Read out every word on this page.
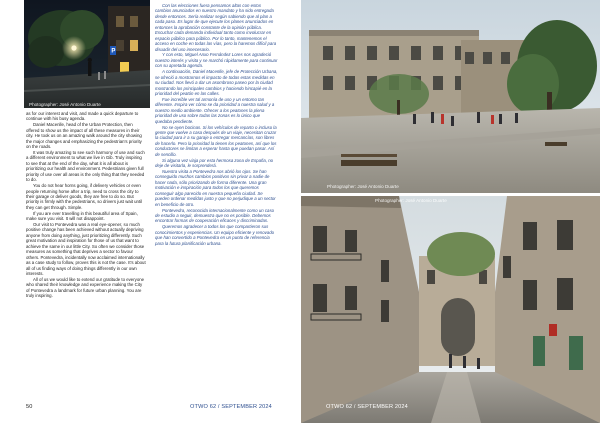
P
Photographer: José Antonio Duarte

as for our interest and visit, and made a quick departure to continue with his busy agenda.

Daniel Macenlle, head of the Urban Protection, then offered to show us the impact of all these measures in their city. He took us on an amazing walk around the city showing the major changes and emphasizing the pedestrian’s priority on the roads.

It was truly amazing to see such harmony of use and such a different environment to what we live in Gib. Truly inspiring to see that at the end of the day, what it is all about is prioritizing our health and environment. Pedestrians given full priority of use over all areas is the only thing that they needed to do.

You do not hear horns going, if delivery vehicles or even people returning home after a trip, need to cross the city to their garage or deliver goods, they are free to do so. But priority is firmly with the pedestrians, so drivers just wait until they can get through. Simple.

If you are ever travelling in this beautiful area of Spain, make sure you visit. It will not disappoint.

Our visit to Pontevedra was a real eye-opener, so much positive change has been achieved without actually depriving anyone from doing anything, just prioritizing differently. Such great motivation and inspiration for those of us that want to achieve the same in our little City. So often we consider those measures as something that deprives a sector to favour others. Pontevedra, incidentally now acclaimed internationally as a case study to follow, proves this is not the case. It’s about all of us finding ways of doing things differently in our own interests.

All of us we would like to extend our gratitude to everyone who shared their knowledge and experience making the City of Pontevedra a landmark for future urban planning. You are truly inspiring.

Con las elecciones fuera pensamos altas con estos cambios anunciados en nuestro mandato y ha sido entregada desde entonces. Sería realizar según sabiendo que al plan a cada paso. Es lugar de que ejecute los planes anunciados en entonces la aprobación constante de la opinión pública. Escuchar cada demanda individual tanto como involucrar en espacio público para público. Por lo tanto, mantenemos el acceso en coche en todas las vías, pero la haremos difícil para disuadir del uso innecesario.

Y con esto, Miguel Anxo Fernández Lores nos agradeció nuestro interés y visita y se marchó rápidamente para continuar con su apretada agenda.

A continuación, Daniel Macenlle, jefe de Protección Urbana, se ofreció a mostrarnos el impacto de todas estas medidas en su ciudad. Nos llevó a dar un asombroso paseo por la ciudad mostrando los principales cambios y haciendo hincapié en la prioridad del peatón en las calles.

Fue increíble ver tal armonía de uso y un entorno tan diferente. Inspira ver cómo se da prioridad a nuestra salud y a nuestro medio ambiente. Ofrecer a los peatones la plena prioridad de uso sobre todas las zonas es lo único que quedaba pendiente.

No se oyen bocinas. Si los vehículos de reparto o incluso la gente que vuelve a casa después de un viaje, necesitan cruzar la ciudad para ir a su garaje o entregar mercancías, son libres de hacerlo. Pero la prioridad la tienen los peatones, así que los conductores se limitan a esperar hasta que puedan pasar. Así de sencillo.

Si alguna vez viaja por esta hermosa zona de España, no deje de visitarla, le sorprenderá.

Nuestra visita a Pontevedra nos abrió los ojos. Se han conseguido muchos cambios positivos sin privar a nadie de hacer nada, sólo priorizando de forma diferente. Una gran motivación e inspiración para todos los que queremos conseguir algo parecido en nuestra pequeña ciudad. Se pueden ordenar medidas justo y que no perjudique a un sector en beneficio de otro.

Pontevedra, reconocida internacionalmente como un caso de estudio a seguir, demuestra que no es posible. Debemos encontrar formas de cooperación eficaces y discriminadas.

Queremos agradecer a todos los que compartieron sus conocimientos y experiencias. Un equipo eficiente y renovado que han convertido a Pontevedra en un punto de referencia para la futura planificación urbana.

50	OTWO 62 / SEPTEMBER 2024
Photographer: José Antonio Duarte
Photographer: José Antonio Duarte
OTWO 62 / SEPTEMBER 2024
